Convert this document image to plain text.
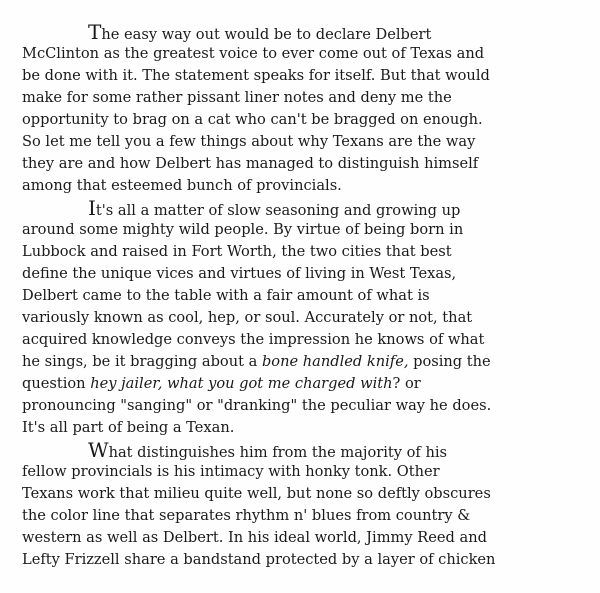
The easy way out would be to declare Delbert
McClinton as the greatest voice to ever come out of Texas and
be done with it. The statement speaks for itself. But that would
make for some rather pissant liner notes and deny me the
opportunity to brag on a cat who can't be bragged on enough.
So let me tell you a few things about why Texans are the way
they are and how Delbert has managed to distinguish himself
among that esteemed bunch of provincials.
It's all a matter of slow seasoning and growing up
around some mighty wild people. By virtue of being born in
Lubbock and raised in Fort Worth, the two cities that best
define the unique vices and virtues of living in West Texas,
Delbert came to the table with a fair amount of what is
variously known as cool, hep, or soul. Accurately or not, that
acquired knowledge conveys the impression he knows of what
he sings, be it bragging about a bone handled knife, posing the
question hey jailer, what you got me charged with? or
pronouncing "sanging" or "dranking" the peculiar way he does.
It's all part of being a Texan.
What distinguishes him from the majority of his
fellow provincials is his intimacy with honky tonk. Other
Texans work that milieu quite well, but none so deftly obscures
the color line that separates rhythm n' blues from country &
western as well as Delbert. In his ideal world, Jimmy Reed and
Lefty Frizzell share a bandstand protected by a layer of chicken
